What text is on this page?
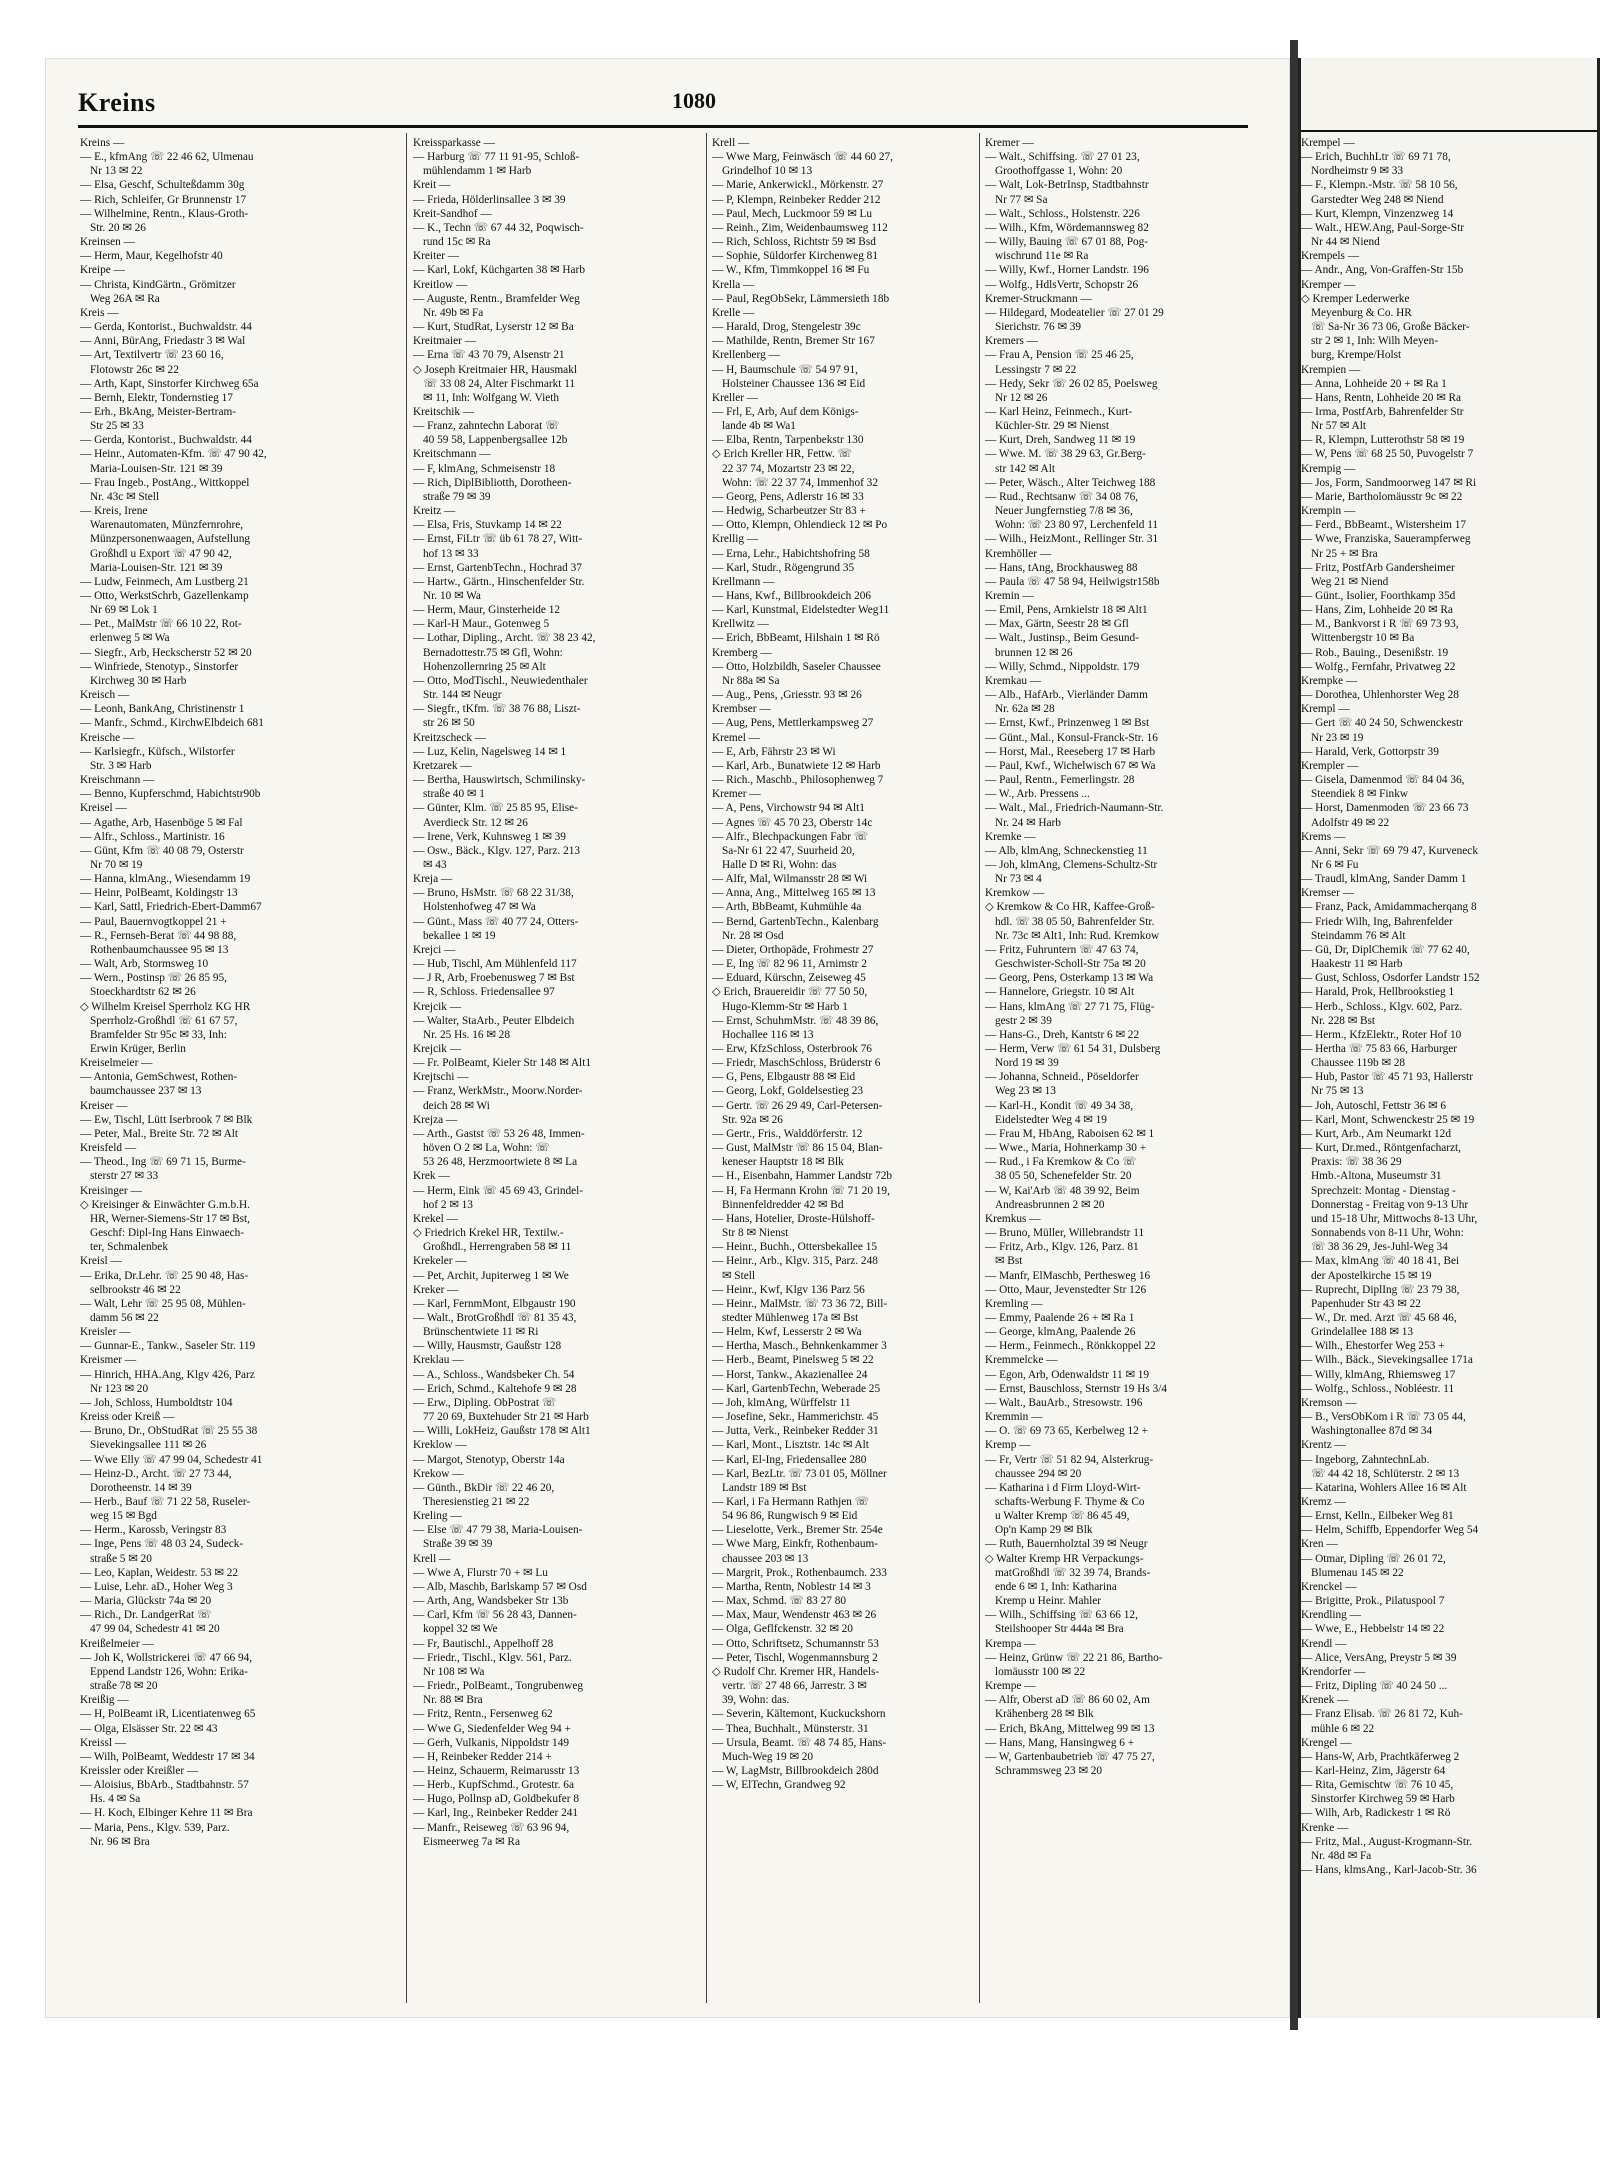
Kreins	1080
Kreins —
— E., kfmAng ☏ 22 46 62, Ulmenau
Nr 13 ✉ 22
— Elsa, Geschf, Schulteßdamm 30g
— Rich, Schleifer, Gr Brunnenstr 17
— Wilhelmine, Rentn., Klaus-Groth-
Str. 20 ✉ 26
Kreinsen —
— Herm, Maur, Kegelhofstr 40
Kreipe —
— Christa, KindGärtn., Grömitzer
Weg 26A ✉ Ra
Kreis —
— Gerda, Kontorist., Buchwaldstr. 44
— Anni, BürAng, Friedastr 3 ✉ Wal
— Art, Textilvertr ☏ 23 60 16,
Flotowstr 26c ✉ 22
— Arth, Kapt, Sinstorfer Kirchweg 65a
— Bernh, Elektr, Tondernstieg 17
— Erh., BkAng, Meister-Bertram-
Str 25 ✉ 33
— Gerda, Kontorist., Buchwaldstr. 44
— Heinr., Automaten-Kfm. ☏ 47 90 42,
Maria-Louisen-Str. 121 ✉ 39
— Frau Ingeb., PostAng., Wittkoppel
Nr. 43c ✉ Stell
— Kreis, Irene
Warenautomaten, Münzfernrohre,
Münzpersonenwaagen, Aufstellung
Großhdl u Export ☏ 47 90 42,
Maria-Louisen-Str. 121 ✉ 39
— Ludw, Feinmech, Am Lustberg 21
— Otto, WerkstSchrb, Gazellenkamp
Nr 69 ✉ Lok 1
— Pet., MalMstr ☏ 66 10 22, Rot-
erlenweg 5 ✉ Wa
— Siegfr., Arb, Heckscherstr 52 ✉ 20
— Winfriede, Stenotyp., Sinstorfer
Kirchweg 30 ✉ Harb
Kreisch —
— Leonh, BankAng, Christinenstr 1
— Manfr., Schmd., KirchwElbdeich 681
Kreische —
— Karlsiegfr., Küfsch., Wilstorfer
Str. 3 ✉ Harb
Kreischmann —
— Benno, Kupferschmd, Habichtstr90b
Kreisel —
— Agathe, Arb, Hasenböge 5 ✉ Fal
— Alfr., Schloss., Martinistr. 16
— Günt, Kfm ☏ 40 08 79, Osterstr
Nr 70 ✉ 19
— Hanna, klmAng., Wiesendamm 19
— Heinr, PolBeamt, Koldingstr 13
— Karl, Sattl, Friedrich-Ebert-Damm67
— Paul, Bauernvogtkoppel 21 +
— R., Fernseh-Berat ☏ 44 98 88,
Rothenbaumchaussee 95 ✉ 13
— Walt, Arb, Stormsweg 10
— Wern., Postinsp ☏ 26 85 95,
Stoeckhardtstr 62 ✉ 26
◇ Wilhelm Kreisel Sperrholz KG HR
Sperrholz-Großhdl ☏ 61 67 57,
Bramfelder Str 95c ✉ 33, Inh:
Erwin Krüger, Berlin
Kreiselmeier —
— Antonia, GemSchwest, Rothen-
baumchaussee 237 ✉ 13
Kreiser —
— Ew, Tischl, Lütt Iserbrook 7 ✉ Blk
— Peter, Mal., Breite Str. 72 ✉ Alt
Kreisfeld —
— Theod., Ing ☏ 69 71 15, Burme-
sterstr 27 ✉ 33
Kreisinger —
◇ Kreisinger & Einwächter G.m.b.H.
HR, Werner-Siemens-Str 17 ✉ Bst,
Geschf: Dipl-Ing Hans Einwaech-
ter, Schmalenbek
Kreisl —
— Erika, Dr.Lehr. ☏ 25 90 48, Has-
selbrookstr 46 ✉ 22
— Walt, Lehr ☏ 25 95 08, Mühlen-
damm 56 ✉ 22
Kreisler —
— Gunnar-E., Tankw., Saseler Str. 119
Kreismer —
— Hinrich, HHA.Ang, Klgv 426, Parz
Nr 123 ✉ 20
— Joh, Schloss, Humboldtstr 104
Kreiss oder Kreiß —
— Bruno, Dr., ObStudRat ☏ 25 55 38
Sievekingsallee 111 ✉ 26
— Wwe Elly ☏ 47 99 04, Schedestr 41
— Heinz-D., Archt. ☏ 27 73 44,
Dorotheenstr. 14 ✉ 39
— Herb., Bauf ☏ 71 22 58, Ruseler-
weg 15 ✉ Bgd
— Herm., Karossb, Veringstr 83
— Inge, Pens ☏ 48 03 24, Sudeck-
straße 5 ✉ 20
— Leo, Kaplan, Weidestr. 53 ✉ 22
— Luise, Lehr. aD., Hoher Weg 3
— Maria, Glückstr 74a ✉ 20
— Rich., Dr. LandgerRat ☏
47 99 04, Schedestr 41 ✉ 20
Kreißelmeier —
— Joh K, Wollstrickerei ☏ 47 66 94,
Eppend Landstr 126, Wohn: Erika-
straße 78 ✉ 20
Kreißig —
— H, PolBeamt iR, Licentiatenweg 65
— Olga, Elsässer Str. 22 ✉ 43
Kreissl —
— Wilh, PolBeamt, Weddestr 17 ✉ 34
Kreissler oder Kreißler —
— Aloisius, BbArb., Stadtbahnstr. 57
Hs. 4 ✉ Sa
— H. Koch, Elbinger Kehre 11 ✉ Bra
— Maria, Pens., Klgv. 539, Parz.
Nr. 96 ✉ Bra
Kreissparkasse —
— Harburg ☏ 77 11 91-95, Schloß-
mühlendamm 1 ✉ Harb
Kreit —
— Frieda, Hölderlinsallee 3 ✉ 39
Kreit-Sandhof —
— K., Techn ☏ 67 44 32, Poqwisch-
rund 15c ✉ Ra
Kreiter —
— Karl, Lokf, Küchgarten 38 ✉ Harb
Kreitlow —
— Auguste, Rentn., Bramfelder Weg
Nr. 49b ✉ Fa
— Kurt, StudRat, Lyserstr 12 ✉ Ba
Kreitmaier —
— Erna ☏ 43 70 79, Alsenstr 21
◇ Joseph Kreitmaier HR, Hausmakl
☏ 33 08 24, Alter Fischmarkt 11
✉ 11, Inh: Wolfgang W. Vieth
Kreitschik —
— Franz, zahntechn Laborat ☏
40 59 58, Lappenbergsallee 12b
Kreitschmann —
— F, klmAng, Schmeisenstr 18
— Rich, DiplBibliotth, Dorotheen-
straße 79 ✉ 39
Kreitz —
— Elsa, Fris, Stuvkamp 14 ✉ 22
— Ernst, FiLtr ☏ üb 61 78 27, Witt-
hof 13 ✉ 33
— Ernst, GartenbTechn., Hochrad 37
— Hartw., Gärtn., Hinschenfelder Str.
Nr. 10 ✉ Wa
— Herm, Maur, Ginsterheide 12
— Karl-H Maur., Gotenweg 5
— Lothar, Dipling., Archt. ☏ 38 23 42,
Bernadottestr.75 ✉ Gfl, Wohn:
Hohenzollernring 25 ✉ Alt
— Otto, ModTischl., Neuwiedenthaler
Str. 144 ✉ Neugr
— Siegfr., tKfm. ☏ 38 76 88, Liszt-
str 26 ✉ 50
Kreitzscheck —
— Luz, Kelin, Nagelsweg 14 ✉ 1
Kretzarek —
— Bertha, Hauswirtsch, Schmilinsky-
straße 40 ✉ 1
— Günter, Klm. ☏ 25 85 95, Elise-
Averdieck Str. 12 ✉ 26
— Irene, Verk, Kuhnsweg 1 ✉ 39
— Osw., Bäck., Klgv. 127, Parz. 213
✉ 43
Kreja —
— Bruno, HsMstr. ☏ 68 22 31/38,
Holstenhofweg 47 ✉ Wa
— Günt., Mass ☏ 40 77 24, Otters-
bekallee 1 ✉ 19
Krejci —
— Hub, Tischl, Am Mühlenfeld 117
— J R, Arb, Froebenusweg 7 ✉ Bst
— R, Schloss. Friedensallee 97
Krejcik —
— Walter, StaArb., Peuter Elbdeich
Nr. 25 Hs. 16 ✉ 28
Krejcik —
— Fr. PolBeamt, Kieler Str 148 ✉ Alt1
Krejtschi —
— Franz, WerkMstr., Moorw.Norder-
deich 28 ✉ Wi
Krejza —
— Arth., Gastst ☏ 53 26 48, Immen-
höven O 2 ✉ La, Wohn: ☏
53 26 48, Herzmoortwiete 8 ✉ La
Krek —
— Herm, Eink ☏ 45 69 43, Grindel-
hof 2 ✉ 13
Krekel —
◇ Friedrich Krekel HR, Textilw.-
Großhdl., Herrengraben 58 ✉ 11
Krekeler —
— Pet, Archit, Jupiterweg 1 ✉ We
Kreker —
— Karl, FernmMont, Elbgaustr 190
— Walt., BrotGroßhdl ☏ 81 35 43,
Brünschentwiete 11 ✉ Ri
— Willy, Hausmstr, Gaußstr 128
Kreklau —
— A., Schloss., Wandsbeker Ch. 54
— Erich, Schmd., Kaltehofe 9 ✉ 28
— Erw., Dipling. ObPostrat ☏
77 20 69, Buxtehuder Str 21 ✉ Harb
— Willi, LokHeiz, Gaußstr 178 ✉ Alt1
Kreklow —
— Margot, Stenotyp, Oberstr 14a
Krekow —
— Günth., BkDir ☏ 22 46 20,
Theresienstieg 21 ✉ 22
Kreling —
— Else ☏ 47 79 38, Maria-Louisen-
Straße 39 ✉ 39
Krell —
— Wwe A, Flurstr 70 + ✉ Lu
— Alb, Maschb, Barlskamp 57 ✉ Osd
— Arth, Ang, Wandsbeker Str 13b
— Carl, Kfm ☏ 56 28 43, Dannen-
koppel 32 ✉ We
— Fr, Bautischl., Appelhoff 28
— Friedr., Tischl., Klgv. 561, Parz.
Nr 108 ✉ Wa
— Friedr., PolBeamt., Tongrubenweg
Nr. 88 ✉ Bra
— Fritz, Rentn., Fersenweg 62
— Wwe G, Siedenfelder Weg 94 +
— Gerh, Vulkanis, Nippoldstr 149
— H, Reinbeker Redder 214 +
— Heinz, Schauerm, Reimarusstr 13
— Herb., KupfSchmd., Grotestr. 6a
— Hugo, Pollnsp aD, Goldbekufer 8
— Karl, Ing., Reinbeker Redder 241
— Manfr., Reiseweg ☏ 63 96 94,
Eismeerweg 7a ✉ Ra
Krell —
— Wwe Marg, Feinwäsch ☏ 44 60 27,
Grindelhof 10 ✉ 13
— Marie, Ankerwickl., Mörkenstr. 27
— P, Klempn, Reinbeker Redder 212
— Paul, Mech, Luckmoor 59 ✉ Lu
— Reinh., Zim, Weidenbaumsweg 112
— Rich, Schloss, Richtstr 59 ✉ Bsd
— Sophie, Süldorfer Kirchenweg 81
— W., Kfm, Timmkoppel 16 ✉ Fu
Krella —
— Paul, RegObSekr, Lämmersieth 18b
Krelle —
— Harald, Drog, Stengelestr 39c
— Mathilde, Rentn, Bremer Str 167
Krellenberg —
— H, Baumschule ☏ 54 97 91,
Holsteiner Chaussee 136 ✉ Eid
Kreller —
— Frl, E, Arb, Auf dem Königs-
lande 4b ✉ Wa1
— Elba, Rentn, Tarpenbekstr 130
◇ Erich Kreller HR, Fettw. ☏
22 37 74, Mozartstr 23 ✉ 22,
Wohn: ☏ 22 37 74, Immenhof 32
— Georg, Pens, Adlerstr 16 ✉ 33
— Hedwig, Scharbeutzer Str 83 +
— Otto, Klempn, Ohlendieck 12 ✉ Po
Krellig —
— Erna, Lehr., Habichtshofring 58
— Karl, Studr., Rögengrund 35
Krellmann —
— Hans, Kwf., Billbrookdeich 206
— Karl, Kunstmal, Eidelstedter Weg11
Krellwitz —
— Erich, BbBeamt, Hilshain 1 ✉ Rö
Kremberg —
— Otto, Holzbildh, Saseler Chaussee
Nr 88a ✉ Sa
— Aug., Pens, ,Griesstr. 93 ✉ 26
Krembser —
— Aug, Pens, Mettlerkampsweg 27
Kremel —
— E, Arb, Fährstr 23 ✉ Wi
— Karl, Arb., Bunatwiete 12 ✉ Harb
— Rich., Maschb., Philosophenweg 7
Kremer —
— A, Pens, Virchowstr 94 ✉ Alt1
— Agnes ☏ 45 70 23, Oberstr 14c
— Alfr., Blechpackungen Fabr ☏
Sa-Nr 61 22 47, Suurheid 20,
Halle D ✉ Ri, Wohn: das
— Alfr, Mal, Wilmansstr 28 ✉ Wi
— Anna, Ang., Mittelweg 165 ✉ 13
— Arth, BbBeamt, Kuhmühle 4a
— Bernd, GartenbTechn., Kalenbarg
Nr. 28 ✉ Osd
— Dieter, Orthopäde, Frohmestr 27
— E, Ing ☏ 82 96 11, Arnimstr 2
— Eduard, Kürschn, Zeiseweg 45
◇ Erich, Brauereidir ☏ 77 50 50,
Hugo-Klemm-Str ✉ Harb 1
— Ernst, SchuhmMstr. ☏ 48 39 86,
Hochallee 116 ✉ 13
— Erw, KfzSchloss, Osterbrook 76
— Friedr, MaschSchloss, Brüderstr 6
— G, Pens, Elbgaustr 88 ✉ Eid
— Georg, Lokf, Goldelsestieg 23
— Gertr. ☏ 26 29 49, Carl-Petersen-
Str. 92a ✉ 26
— Gertr., Fris., Walddörferstr. 12
— Gust, MalMstr ☏ 86 15 04, Blan-
keneser Hauptstr 18 ✉ Blk
— H., Eisenbahn, Hammer Landstr 72b
— H, Fa Hermann Krohn ☏ 71 20 19,
Binnenfeldredder 42 ✉ Bd
— Hans, Hotelier, Droste-Hülshoff-
Str 8 ✉ Nienst
— Heinr., Buchh., Ottersbekallee 15
— Heinr., Arb., Klgv. 315, Parz. 248
✉ Stell
— Heinr., Kwf, Klgv 136 Parz 56
— Heinr., MalMstr. ☏ 73 36 72, Bill-
stedter Mühlenweg 17a ✉ Bst
— Helm, Kwf, Lesserstr 2 ✉ Wa
— Hertha, Masch., Behnkenkammer 3
— Herb., Beamt, Pinelsweg 5 ✉ 22
— Horst, Tankw., Akazienallee 24
— Karl, GartenbTechn, Weberade 25
— Joh, klmAng, Würffelstr 11
— Josefine, Sekr., Hammerichstr. 45
— Jutta, Verk., Reinbeker Redder 31
— Karl, Mont., Lisztstr. 14c ✉ Alt
— Karl, El-Ing, Friedensallee 280
— Karl, BezLtr. ☏ 73 01 05, Möllner
Landstr 189 ✉ Bst
— Karl, i Fa Hermann Rathjen ☏
54 96 86, Rungwisch 9 ✉ Eid
— Lieselotte, Verk., Bremer Str. 254e
— Wwe Marg, Einkfr, Rothenbaum-
chaussee 203 ✉ 13
— Margrit, Prok., Rothenbaumch. 233
— Martha, Rentn, Noblestr 14 ✉ 3
— Max, Schmd. ☏ 83 27 80
— Max, Maur, Wendenstr 463 ✉ 26
— Olga, Geflfckenstr. 32 ✉ 20
— Otto, Schriftsetz, Schumannstr 53
— Peter, Tischl, Wogenmannsburg 2
◇ Rudolf Chr. Kremer HR, Handels-
vertr. ☏ 27 48 66, Jarrestr. 3 ✉
39, Wohn: das.
— Severin, Kältemont, Kuckuckshorn
— Thea, Buchhalt., Münsterstr. 31
— Ursula, Beamt. ☏ 48 74 85, Hans-
Much-Weg 19 ✉ 20
— W, LagMstr, Billbrookdeich 280d
— W, ElTechn, Grandweg 92
Kremer —
— Walt., Schiffsing. ☏ 27 01 23,
Groothoffgasse 1, Wohn: 20
— Walt, Lok-BetrInsp, Stadtbahnstr
Nr 77 ✉ Sa
— Walt., Schloss., Holstenstr. 226
— Wilh., Kfm, Wördemannsweg 82
— Willy, Bauing ☏ 67 01 88, Pog-
wischrund 11e ✉ Ra
— Willy, Kwf., Horner Landstr. 196
— Wolfg., HdlsVertr, Schopstr 26
Kremer-Struckmann —
— Hildegard, Modeatelier ☏ 27 01 29
Sierichstr. 76 ✉ 39
Kremers —
— Frau A, Pension ☏ 25 46 25,
Lessingstr 7 ✉ 22
— Hedy, Sekr ☏ 26 02 85, Poelsweg
Nr 12 ✉ 26
— Karl Heinz, Feinmech., Kurt-
Küchler-Str. 29 ✉ Nienst
— Kurt, Dreh, Sandweg 11 ✉ 19
— Wwe. M. ☏ 38 29 63, Gr.Berg-
str 142 ✉ Alt
— Peter, Wäsch., Alter Teichweg 188
— Rud., Rechtsanw ☏ 34 08 76,
Neuer Jungfernstieg 7/8 ✉ 36,
Wohn: ☏ 23 80 97, Lerchenfeld 11
— Wilh., HeizMont., Rellinger Str. 31
Kremhöller —
— Hans, tAng, Brockhausweg 88
— Paula ☏ 47 58 94, Heilwigstr158b
Kremin —
— Emil, Pens, Arnkielstr 18 ✉ Alt1
— Max, Gärtn, Seestr 28 ✉ Gfl
— Walt., Justinsp., Beim Gesund-
brunnen 12 ✉ 26
— Willy, Schmd., Nippoldstr. 179
Kremkau —
— Alb., HafArb., Vierländer Damm
Nr. 62a ✉ 28
— Ernst, Kwf., Prinzenweg 1 ✉ Bst
— Günt., Mal., Konsul-Franck-Str. 16
— Horst, Mal., Reeseberg 17 ✉ Harb
— Paul, Kwf., Wichelwisch 67 ✉ Wa
— Paul, Rentn., Femerlingstr. 28
— W., Arb. Pressens ...
— Walt., Mal., Friedrich-Naumann-Str.
Nr. 24 ✉ Harb
Kremke —
— Alb, klmAng, Schneckenstieg 11
— Joh, klmAng, Clemens-Schultz-Str
Nr 73 ✉ 4
Kremkow —
◇ Kremkow & Co HR, Kaffee-Groß-
hdl. ☏ 38 05 50, Bahrenfelder Str.
Nr. 73c ✉ Alt1, Inh: Rud. Kremkow
— Fritz, Fuhruntern ☏ 47 63 74,
Geschwister-Scholl-Str 75a ✉ 20
— Georg, Pens, Osterkamp 13 ✉ Wa
— Hannelore, Griegstr. 10 ✉ Alt
— Hans, klmAng ☏ 27 71 75, Flüg-
gestr 2 ✉ 39
— Hans-G., Dreh, Kantstr 6 ✉ 22
— Herm, Verw ☏ 61 54 31, Dulsberg
Nord 19 ✉ 39
— Johanna, Schneid., Pöseldorfer
Weg 23 ✉ 13
— Karl-H., Kondit ☏ 49 34 38,
Eidelstedter Weg 4 ✉ 19
— Frau M, HbAng, Raboisen 62 ✉ 1
— Wwe., Maria, Hohnerkamp 30 +
— Rud., i Fa Kremkow & Co ☏
38 05 50, Schenefelder Str. 20
— W, Kai'Arb ☏ 48 39 92, Beim
Andreasbrunnen 2 ✉ 20
Kremkus —
— Bruno, Müller, Willebrandstr 11
— Fritz, Arb., Klgv. 126, Parz. 81
✉ Bst
— Manfr, ElMaschb, Perthesweg 16
— Otto, Maur, Jevenstedter Str 126
Kremling —
— Emmy, Paalende 26 + ✉ Ra 1
— George, klmAng, Paalende 26
— Herm., Feinmech., Rönkkoppel 22
Kremmelcke —
— Egon, Arb, Odenwaldstr 11 ✉ 19
— Ernst, Bauschloss, Sternstr 19 Hs 3/4
— Walt., BauArb., Stresowstr. 196
Kremmin —
— O. ☏ 69 73 65, Kerbelweg 12 +
Kremp —
— Fr, Vertr ☏ 51 82 94, Alsterkrug-
chaussee 294 ✉ 20
— Katharina i d Firm Lloyd-Wirt-
schafts-Werbung F. Thyme & Co
u Walter Kremp ☏ 86 45 49,
Op'n Kamp 29 ✉ Blk
— Ruth, Bauernholztal 39 ✉ Neugr
◇ Walter Kremp HR Verpackungs-
matGroßhdl ☏ 32 39 74, Brands-
ende 6 ✉ 1, Inh: Katharina
Kremp u Heinr. Mahler
— Wilh., Schiffsing ☏ 63 66 12,
Steilshooper Str 444a ✉ Bra
Krempa —
— Heinz, Grünw ☏ 22 21 86, Bartho-
lomäusstr 100 ✉ 22
Krempe —
— Alfr, Oberst aD ☏ 86 60 02, Am
Krähenberg 28 ✉ Blk
— Erich, BkAng, Mittelweg 99 ✉ 13
— Hans, Mang, Hansingweg 6 +
— W, Gartenbaubetrieb ☏ 47 75 27,
Schrammsweg 23 ✉ 20
Krempel —
— Erich, BuchhLtr ☏ 69 71 78,
Nordheimstr 9 ✉ 33
— F., Klempn.-Mstr. ☏ 58 10 56,
Garstedter Weg 248 ✉ Niend
— Kurt, Klempn, Vinzenzweg 14
— Walt., HEW.Ang, Paul-Sorge-Str
Nr 44 ✉ Niend
Krempels —
— Andr., Ang, Von-Graffen-Str 15b
Kremper —
◇ Kremper Lederwerke
Meyenburg & Co. HR
☏ Sa-Nr 36 73 06, Große Bäcker-
str 2 ✉ 1, Inh: Wilh Meyen-
burg, Krempe/Holst
Krempien —
— Anna, Lohheide 20 + ✉ Ra 1
— Hans, Rentn, Lohheide 20 ✉ Ra
— Irma, PostfArb, Bahrenfelder Str
Nr 57 ✉ Alt
— R, Klempn, Lutterothstr 58 ✉ 19
— W, Pens ☏ 68 25 50, Puvogelstr 7
Krempig —
— Jos, Form, Sandmoorweg 147 ✉ Ri
— Marie, Bartholomäusstr 9c ✉ 22
Krempin —
— Ferd., BbBeamt., Wistersheim 17
— Wwe, Franziska, Sauerampferweg
Nr 25 + ✉ Bra
— Fritz, PostfArb Gandersheimer
Weg 21 ✉ Niend
— Günt., Isolier, Foorthkamp 35d
— Hans, Zim, Lohheide 20 ✉ Ra
— M., Bankvorst i R ☏ 69 73 93,
Wittenbergstr 10 ✉ Ba
— Rob., Bauing., Desenißstr. 19
— Wolfg., Fernfahr, Privatweg 22
Krempke —
— Dorothea, Uhlenhorster Weg 28
Krempl —
— Gert ☏ 40 24 50, Schwenckestr
Nr 23 ✉ 19
— Harald, Verk, Gottorpstr 39
Krempler —
— Gisela, Damenmod ☏ 84 04 36,
Steendiek 8 ✉ Finkw
— Horst, Damenmoden ☏ 23 66 73
Adolfstr 49 ✉ 22
Krems —
— Anni, Sekr ☏ 69 79 47, Kurveneck
Nr 6 ✉ Fu
— Traudl, klmAng, Sander Damm 1
Kremser —
— Franz, Pack, Amidammacherqang 8
— Friedr Wilh, Ing, Bahrenfelder
Steindamm 76 ✉ Alt
— Gü, Dr, DiplChemik ☏ 77 62 40,
Haakestr 11 ✉ Harb
— Gust, Schloss, Osdorfer Landstr 152
— Harald, Prok, Hellbrookstieg 1
— Herb., Schloss., Klgv. 602, Parz.
Nr. 228 ✉ Bst
— Herm., KfzElektr., Roter Hof 10
— Hertha ☏ 75 83 66, Harburger
Chaussee 119b ✉ 28
— Hub, Pastor ☏ 45 71 93, Hallerstr
Nr 75 ✉ 13
— Joh, Autoschl, Fettstr 36 ✉ 6
— Karl, Mont, Schwenckestr 25 ✉ 19
— Kurt, Arb., Am Neumarkt 12d
— Kurt, Dr.med., Röntgenfacharzt,
Praxis: ☏ 38 36 29
Hmb.-Altona, Museumstr 31
Sprechzeit: Montag - Dienstag -
Donnerstag - Freitag von 9-13 Uhr
und 15-18 Uhr, Mittwochs 8-13 Uhr,
Sonnabends von 8-11 Uhr, Wohn:
☏ 38 36 29, Jes-Juhl-Weg 34
— Max, klmAng ☏ 40 18 41, Bei
der Apostelkirche 15 ✉ 19
— Ruprecht, DiplIng ☏ 23 79 38,
Papenhuder Str 43 ✉ 22
— W., Dr. med. Arzt ☏ 45 68 46,
Grindelallee 188 ✉ 13
— Wilh., Ehestorfer Weg 253 +
— Wilh., Bäck., Sievekingsallee 171a
— Willy, klmAng, Rhiemsweg 17
— Wolfg., Schloss., Nobléestr. 11
Kremson —
— B., VersObKom i R ☏ 73 05 44,
Washingtonallee 87d ✉ 34
Krentz —
— Ingeborg, ZahntechnLab.
☏ 44 42 18, Schlüterstr. 2 ✉ 13
— Katarina, Wohlers Allee 16 ✉ Alt
Kremz —
— Ernst, Kelln., Eilbeker Weg 81
— Helm, Schiffb, Eppendorfer Weg 54
Kren —
— Otmar, Dipling ☏ 26 01 72,
Blumenau 145 ✉ 22
Krenckel —
— Brigitte, Prok., Pilatuspool 7
Krendling —
— Wwe, E., Hebbelstr 14 ✉ 22
Krendl —
— Alice, VersAng, Preystr 5 ✉ 39
Krendorfer —
— Fritz, Dipling ☏ 40 24 50 ...
Krenek —
— Franz Elisab. ☏ 26 81 72, Kuh-
mühle 6 ✉ 22
Krengel —
— Hans-W, Arb, Prachtkäferweg 2
— Karl-Heinz, Zim, Jägerstr 64
— Rita, Gemischtw ☏ 76 10 45,
Sinstorfer Kirchweg 59 ✉ Harb
— Wilh, Arb, Radickestr 1 ✉ Rö
Krenke —
— Fritz, Mal., August-Krogmann-Str.
Nr. 48d ✉ Fa
— Hans, klmsAng., Karl-Jacob-Str. 36
